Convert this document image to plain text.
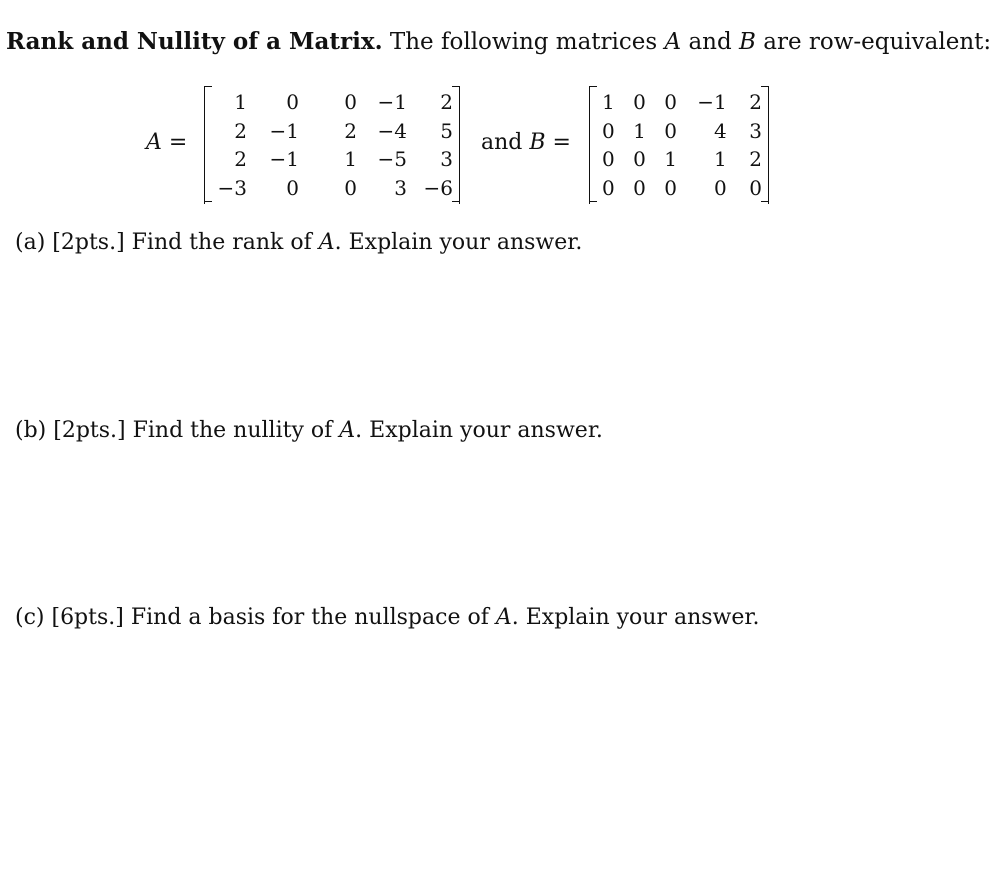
Rank and Nullity of a Matrix. The following matrices A and B are row-equivalent:
A =
1	0	0	−1	2
2	−1	2	−4	5
2	−1	1	−5	3
−3	0	0	3	−6
and B =
1	0	0	−1	2
0	1	0	4	3
0	0	1	1	2
0	0	0	0	0
(a) [2pts.] Find the rank of A. Explain your answer.
(b) [2pts.] Find the nullity of A. Explain your answer.
(c) [6pts.] Find a basis for the nullspace of A. Explain your answer.
